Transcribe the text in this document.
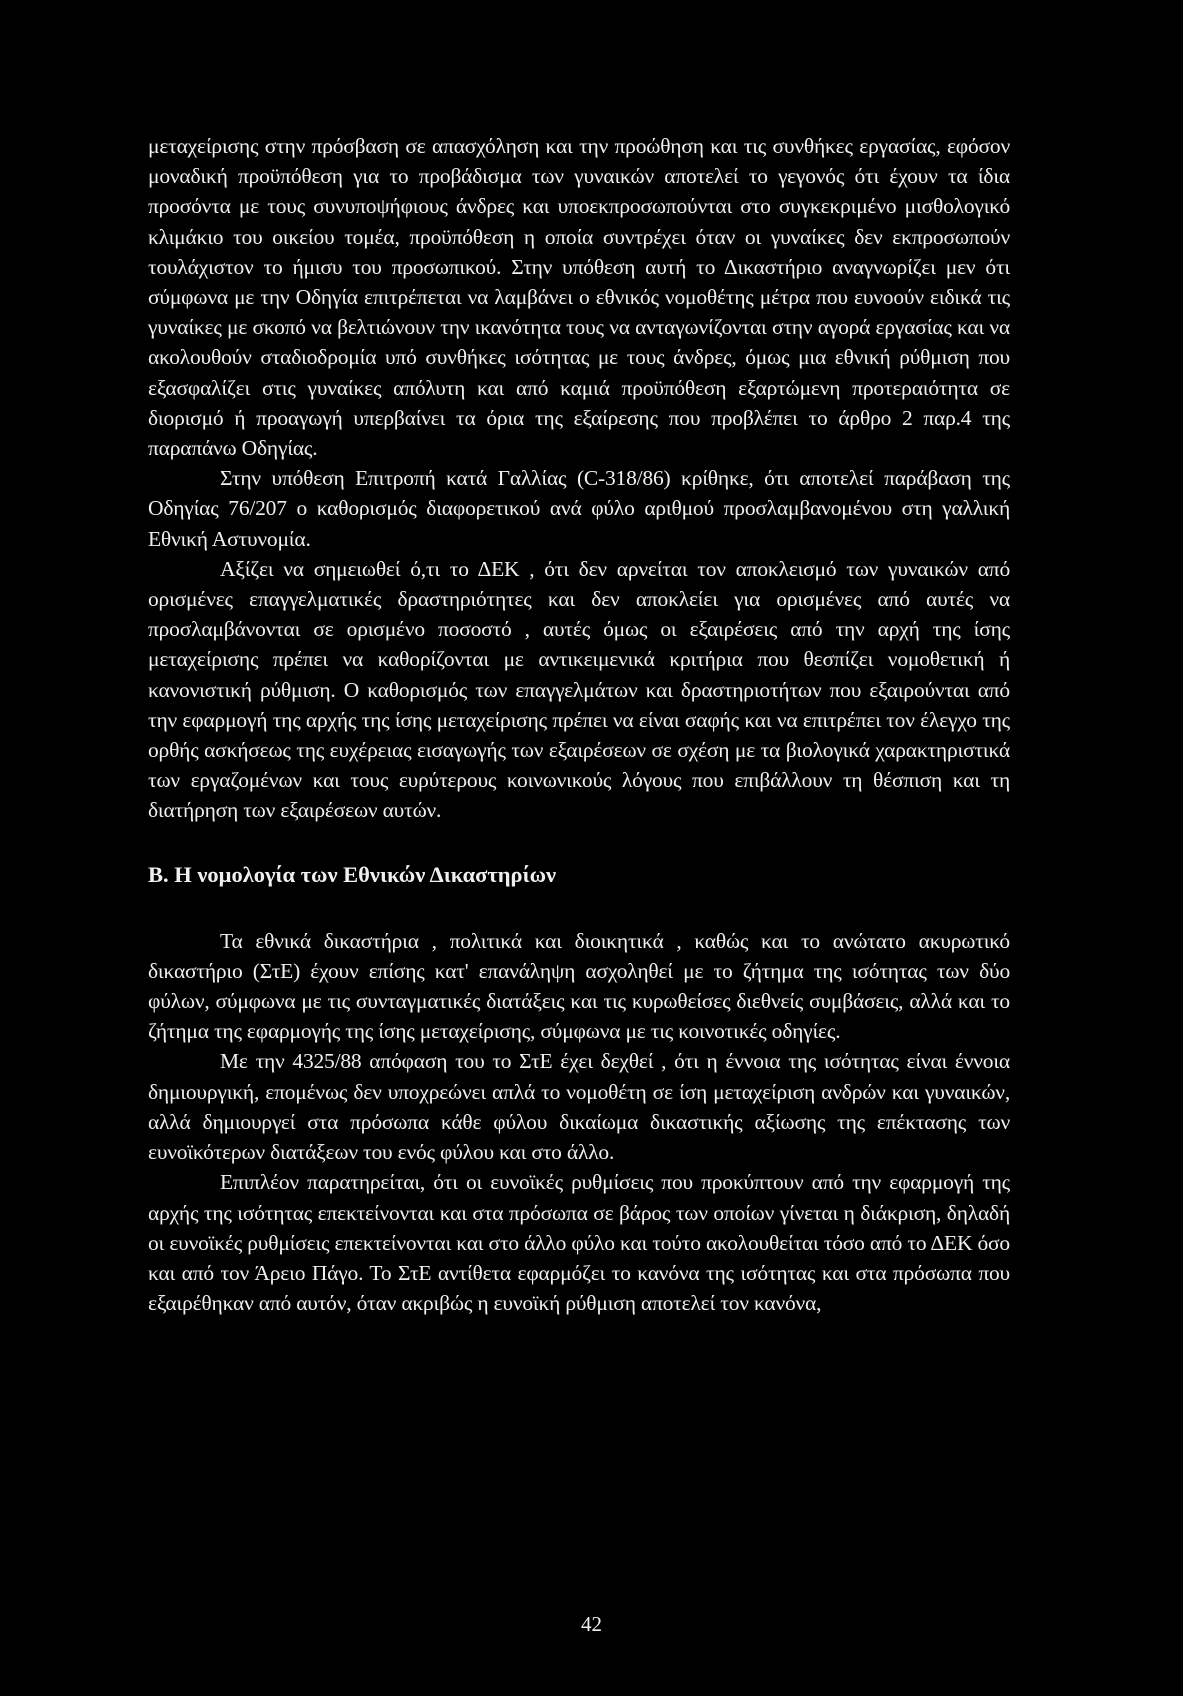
μεταχείρισης στην πρόσβαση σε απασχόληση και την προώθηση και τις συνθήκες εργασίας, εφόσον μοναδική προϋπόθεση για το προβάδισμα των γυναικών αποτελεί το γεγονός ότι έχουν τα ίδια προσόντα με τους συνυποψήφιους άνδρες και υποεκπροσωπούνται στο συγκεκριμένο μισθολογικό κλιμάκιο του οικείου τομέα, προϋπόθεση η οποία συντρέχει όταν οι γυναίκες δεν εκπροσωπούν τουλάχιστον το ήμισυ του προσωπικού. Στην υπόθεση αυτή το Δικαστήριο αναγνωρίζει μεν ότι σύμφωνα με την Οδηγία επιτρέπεται να λαμβάνει ο εθνικός νομοθέτης μέτρα που ευνοούν ειδικά τις γυναίκες με σκοπό να βελτιώνουν την ικανότητα τους να ανταγωνίζονται στην αγορά εργασίας και να ακολουθούν σταδιοδρομία υπό συνθήκες ισότητας με τους άνδρες, όμως μια εθνική ρύθμιση που εξασφαλίζει στις γυναίκες απόλυτη και από καμιά προϋπόθεση εξαρτώμενη προτεραιότητα σε διορισμό ή προαγωγή υπερβαίνει τα όρια της εξαίρεσης που προβλέπει το άρθρο 2 παρ.4 της παραπάνω Οδηγίας.

Στην υπόθεση Επιτροπή κατά Γαλλίας (C-318/86) κρίθηκε, ότι αποτελεί παράβαση της Οδηγίας 76/207 ο καθορισμός διαφορετικού ανά φύλο αριθμού προσλαμβανομένου στη γαλλική Εθνική Αστυνομία.

Αξίζει να σημειωθεί ό,τι το ΔΕΚ , ότι δεν αρνείται τον αποκλεισμό των γυναικών από ορισμένες επαγγελματικές δραστηριότητες και δεν αποκλείει για ορισμένες από αυτές να προσλαμβάνονται σε ορισμένο ποσοστό , αυτές όμως οι εξαιρέσεις από την αρχή της ίσης μεταχείρισης πρέπει να καθορίζονται με αντικειμενικά κριτήρια που θεσπίζει νομοθετική ή κανονιστική ρύθμιση. Ο καθορισμός των επαγγελμάτων και δραστηριοτήτων που εξαιρούνται από την εφαρμογή της αρχής της ίσης μεταχείρισης πρέπει να είναι σαφής και να επιτρέπει τον έλεγχο της ορθής ασκήσεως της ευχέρειας εισαγωγής των εξαιρέσεων σε σχέση με τα βιολογικά χαρακτηριστικά των εργαζομένων και τους ευρύτερους κοινωνικούς λόγους που επιβάλλουν τη θέσπιση και τη διατήρηση των εξαιρέσεων αυτών.

Β. Η νομολογία των Εθνικών Δικαστηρίων

Τα εθνικά δικαστήρια , πολιτικά και διοικητικά , καθώς και το ανώτατο ακυρωτικό δικαστήριο (ΣτΕ) έχουν επίσης κατ' επανάληψη ασχοληθεί με το ζήτημα της ισότητας των δύο φύλων, σύμφωνα με τις συνταγματικές διατάξεις και τις κυρωθείσες διεθνείς συμβάσεις, αλλά και το ζήτημα της εφαρμογής της ίσης μεταχείρισης, σύμφωνα με τις κοινοτικές οδηγίες.

Με την 4325/88 απόφαση του το ΣτΕ έχει δεχθεί , ότι η έννοια της ισότητας είναι έννοια δημιουργική, επομένως δεν υποχρεώνει απλά το νομοθέτη σε ίση μεταχείριση ανδρών και γυναικών, αλλά δημιουργεί στα πρόσωπα κάθε φύλου δικαίωμα δικαστικής αξίωσης της επέκτασης των ευνοϊκότερων διατάξεων του ενός φύλου και στο άλλο.

Επιπλέον παρατηρείται, ότι οι ευνοϊκές ρυθμίσεις που προκύπτουν από την εφαρμογή της αρχής της ισότητας επεκτείνονται και στα πρόσωπα σε βάρος των οποίων γίνεται η διάκριση, δηλαδή οι ευνοϊκές ρυθμίσεις επεκτείνονται και στο άλλο φύλο και τούτο ακολουθείται τόσο από το ΔΕΚ όσο και από τον Άρειο Πάγο. Το ΣτΕ αντίθετα εφαρμόζει το κανόνα της ισότητας και στα πρόσωπα που εξαιρέθηκαν από αυτόν, όταν ακριβώς η ευνοϊκή ρύθμιση αποτελεί τον κανόνα,

42
